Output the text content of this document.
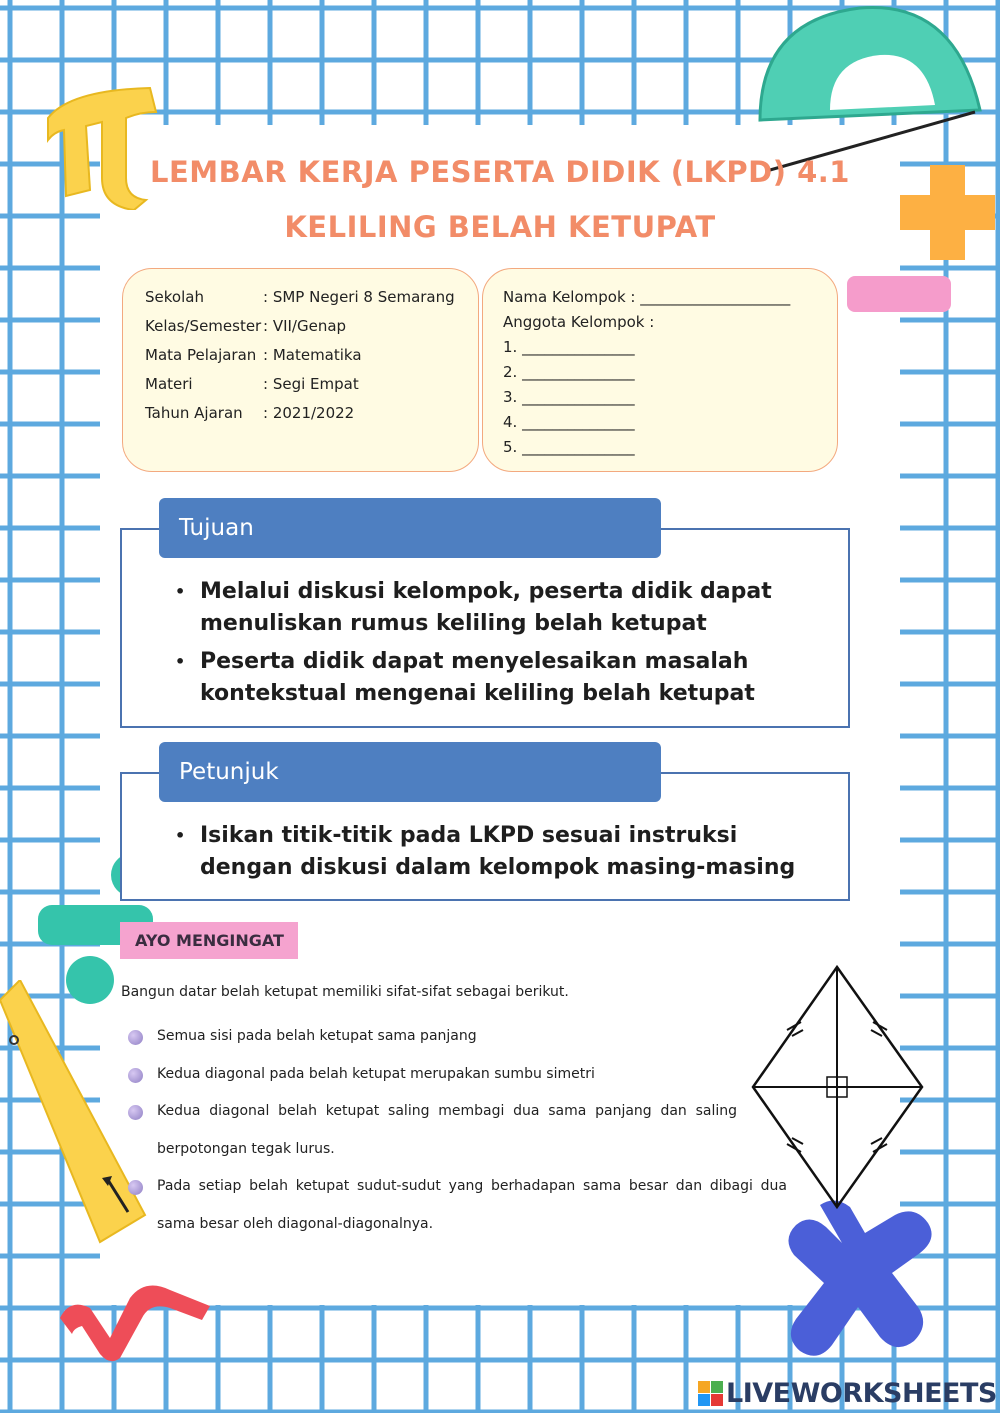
LEMBAR KERJA PESERTA DIDIK (LKPD) 4.1
KELILING BELAH KETUPAT
Sekolah	: SMP Negeri 8 Semarang
Kelas/Semester : VII/Genap
Mata Pelajaran : Matematika
Materi	: Segi Empat
Tahun Ajaran : 2021/2022
Nama Kelompok : ____________________
Anggota Kelompok :
1. _______________
2. _______________
3. _______________
4. _______________
5. _______________
Tujuan
• Melalui diskusi kelompok, peserta didik dapat menuliskan rumus keliling belah ketupat
• Peserta didik dapat menyelesaikan masalah kontekstual mengenai keliling belah ketupat
Petunjuk
• Isikan titik-titik pada LKPD sesuai instruksi dengan diskusi dalam kelompok masing-masing
AYO MENGINGAT
Bangun datar belah ketupat memiliki sifat-sifat sebagai berikut.
Semua sisi pada belah ketupat sama panjang
Kedua diagonal pada belah ketupat merupakan sumbu simetri
Kedua diagonal belah ketupat saling membagi dua sama panjang dan saling berpotongan tegak lurus.
Pada setiap belah ketupat sudut-sudut yang berhadapan sama besar dan dibagi dua sama besar oleh diagonal-diagonalnya.
LIVEWORKSHEETS
